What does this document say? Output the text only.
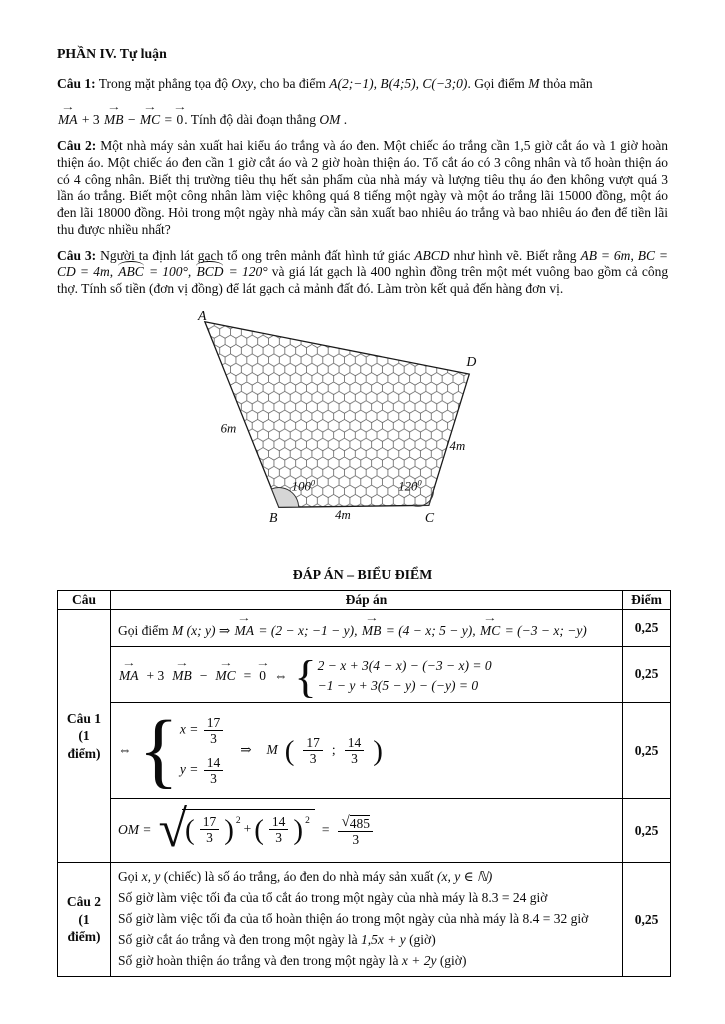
PHẦN IV. Tự luận
Câu 1: Trong mặt phẳng tọa độ Oxy, cho ba điểm A(2;−1), B(4;5), C(−3;0). Gọi điểm M thỏa mãn
→ MA + 3 → MB − → MC = → 0. Tính độ dài đoạn thẳng OM .
Câu 2: Một nhà máy sản xuất hai kiểu áo trắng và áo đen. Một chiếc áo trắng cần 1,5 giờ cắt áo và 1 giờ hoàn thiện áo. Một chiếc áo đen cần 1 giờ cắt áo và 2 giờ hoàn thiện áo. Tổ cắt áo có 3 công nhân và tổ hoàn thiện áo có 4 công nhân. Biết thị trường tiêu thụ hết sản phẩm của nhà máy và lượng tiêu thụ áo đen không vượt quá 3 lần áo trắng. Biết một công nhân làm việc không quá 8 tiếng một ngày và một áo trắng lãi 15000 đồng, một áo đen lãi 18000 đồng. Hỏi trong một ngày nhà máy cần sản xuất bao nhiêu áo trắng và bao nhiêu áo đen để tiền lãi thu được nhiều nhất?
Câu 3: Người ta định lát gạch tổ ong trên mảnh đất hình tứ giác ABCD như hình vẽ. Biết rằng AB = 6m, BC = CD = 4m, ABC = 100°, BCD = 120° và giá lát gạch là 400 nghìn đồng trên một mét vuông bao gồm cả công thợ. Tính số tiền (đơn vị đồng) để lát gạch cả mảnh đất đó. Làm tròn kết quả đến hàng đơn vị.
A
D
B	C
6m
4m
4m
$100^0$	$120^0$
ĐÁP ÁN – BIỂU ĐIỂM
Câu	Đáp án	Điểm

Câu 1
(1
điểm)	Gọi điểm M (x; y) ⇒ → MA = (2 − x; −1 − y), → MB = (4 − x; 5 − y), → MC = (−3 − x; −y)	0,25

→ MA + 3 → MB − → MC = → 0 ⇔ { 2 − x + 3(4 − x) − (−3 − x) = 0
−1 − y + 3(5 − y) − (−y) = 0
	0,25

⇔ { $x = \frac{17}{3}$
$y = \frac{14}{3}$
⇒ M ( $\frac{17}{3}$ ; $\frac{14}{3}$ )	0,25

OM = √
( $\frac{17}{3} )^2$
+ ( $\frac{14}{3} )^2$
= $\frac{√ 485}{3}$	0,25

Câu 2
(1
điểm)

Gọi x, y (chiếc) là số áo trắng, áo đen do nhà máy sản xuất (x, y ∈ ℕ)
Số giờ làm việc tối đa của tổ cắt áo trong một ngày của nhà máy là 8.3 = 24 giờ
Số giờ làm việc tối đa của tổ hoàn thiện áo trong một ngày của nhà máy là 8.4 = 32 giờ
Số giờ cắt áo trắng và đen trong một ngày là 1,5x + y (giờ)
Số giờ hoàn thiện áo trắng và đen trong một ngày là x + 2y (giờ)
	0,25
